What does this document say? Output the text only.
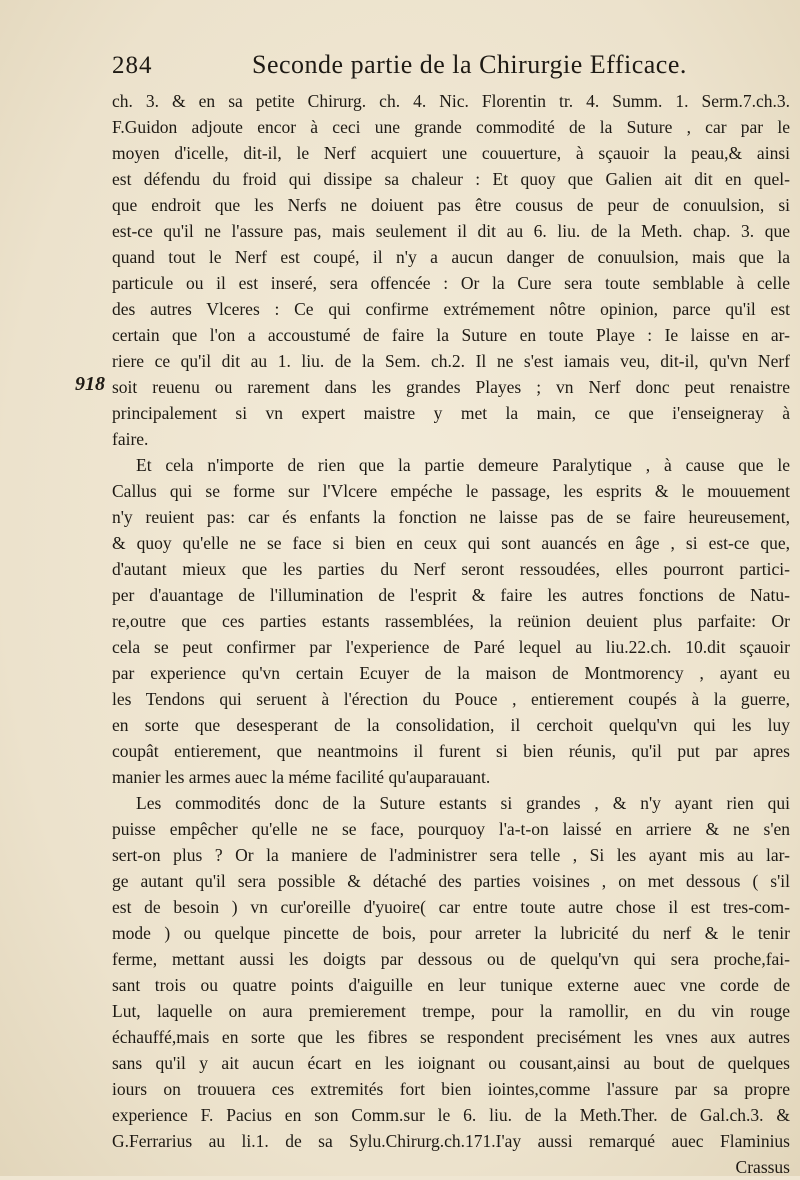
284	Seconde partie de la Chirurgie Efficace.
918
ch. 3. & en sa petite Chirurg. ch. 4. Nic. Florentin tr. 4. Summ. 1. Serm.7.ch.3.
F.Guidon adjoute encor à ceci une grande commodité de la Suture , car par le
moyen d'icelle, dit-il, le Nerf acquiert une couuerture, à sçauoir la peau,& ainsi
est défendu du froid qui dissipe sa chaleur : Et quoy que Galien ait dit en quel-
que endroit que les Nerfs ne doiuent pas être cousus de peur de conuulsion, si
est-ce qu'il ne l'assure pas, mais seulement il dit au 6. liu. de la Meth. chap. 3. que
quand tout le Nerf est coupé, il n'y a aucun danger de conuulsion, mais que la
particule ou il est inseré, sera offencée : Or la Cure sera toute semblable à celle
des autres Vlceres : Ce qui confirme extrémement nôtre opinion, parce qu'il est
certain que l'on a accoustumé de faire la Suture en toute Playe : Ie laisse en ar-
riere ce qu'il dit au 1. liu. de la Sem. ch.2. Il ne s'est iamais veu, dit-il, qu'vn Nerf
soit reuenu ou rarement dans les grandes Playes ; vn Nerf donc peut renaistre
principalement si vn expert maistre y met la main, ce que i'enseigneray à
faire.
Et cela n'importe de rien que la partie demeure Paralytique , à cause que le
Callus qui se forme sur l'Vlcere empéche le passage, les esprits & le mouuement
n'y reuient pas: car és enfants la fonction ne laisse pas de se faire heureusement,
& quoy qu'elle ne se face si bien en ceux qui sont auancés en âge , si est-ce que,
d'autant mieux que les parties du Nerf seront ressoudées, elles pourront partici-
per d'auantage de l'illumination de l'esprit & faire les autres fonctions de Natu-
re,outre que ces parties estants rassemblées, la reünion deuient plus parfaite: Or
cela se peut confirmer par l'experience de Paré lequel au liu.22.ch. 10.dit sçauoir
par experience qu'vn certain Ecuyer de la maison de Montmorency , ayant eu
les Tendons qui seruent à l'érection du Pouce , entierement coupés à la guerre,
en sorte que desesperant de la consolidation, il cerchoit quelqu'vn qui les luy
coupât entierement, que neantmoins il furent si bien réunis, qu'il put par apres
manier les armes auec la méme facilité qu'auparauant.
Les commodités donc de la Suture estants si grandes , & n'y ayant rien qui
puisse empêcher qu'elle ne se face, pourquoy l'a-t-on laissé en arriere & ne s'en
sert-on plus ? Or la maniere de l'administrer sera telle , Si les ayant mis au lar-
ge autant qu'il sera possible & détaché des parties voisines , on met dessous ( s'il
est de besoin ) vn cur'oreille d'yuoire( car entre toute autre chose il est tres-com-
mode ) ou quelque pincette de bois, pour arreter la lubricité du nerf & le tenir
ferme, mettant aussi les doigts par dessous ou de quelqu'vn qui sera proche,fai-
sant trois ou quatre points d'aiguille en leur tunique externe auec vne corde de
Lut, laquelle on aura premierement trempe, pour la ramollir, en du vin rouge
échauffé,mais en sorte que les fibres se respondent precisément les vnes aux autres
sans qu'il y ait aucun écart en les ioignant ou cousant,ainsi au bout de quelques
iours on trouuera ces extremités fort bien iointes,comme l'assure par sa propre
experience F. Pacius en son Comm.sur le 6. liu. de la Meth.Ther. de Gal.ch.3. &
G.Ferrarius au li.1. de sa Sylu.Chirurg.ch.171.I'ay aussi remarqué auec Flaminius
Crassus
